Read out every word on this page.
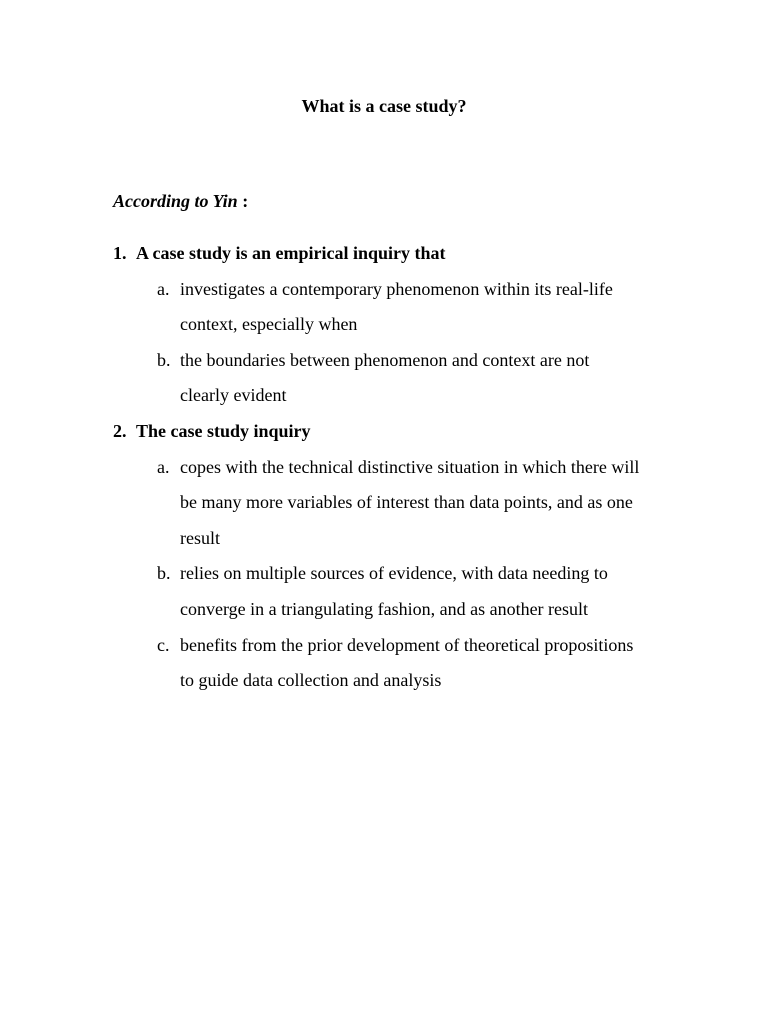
What is a case study?
According to Yin :
1. A case study is an empirical inquiry that
a. investigates a contemporary phenomenon within its real-life context, especially when
b. the boundaries between phenomenon and context are not clearly evident
2. The case study inquiry
a. copes with the technical distinctive situation in which there will be many more variables of interest than data points, and as one result
b. relies on multiple sources of evidence, with data needing to converge in a triangulating fashion, and as another result
c. benefits from the prior development of theoretical propositions to guide data collection and analysis
